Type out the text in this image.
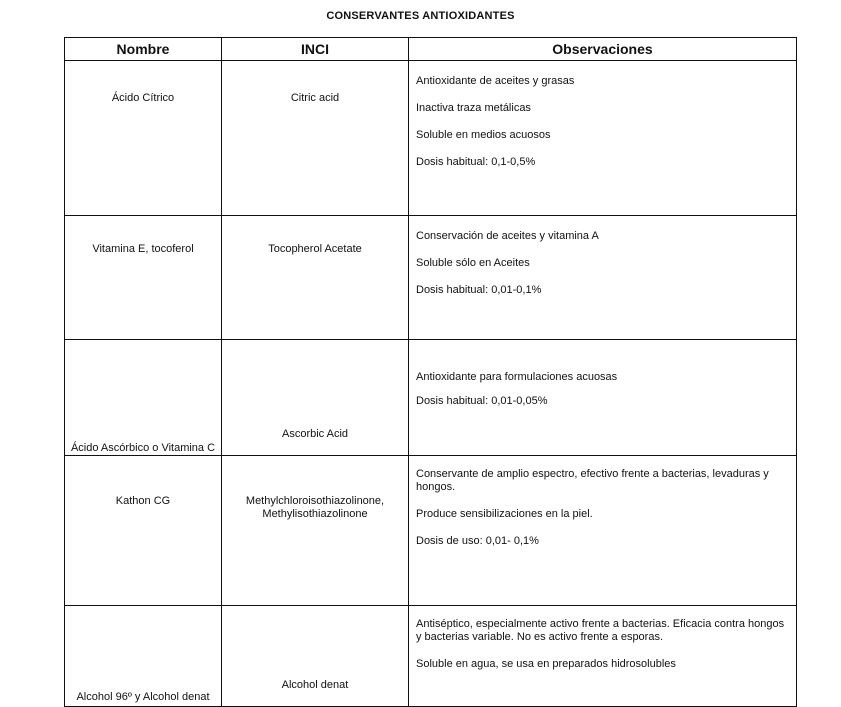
CONSERVANTES ANTIOXIDANTES
Nombre	INCI	Observaciones
Ácido Cítrico	Citric acid	Antioxidante de aceites y grasas

Inactiva traza metálicas

Soluble en medios acuosos

Dosis habitual: 0,1-0,5%

Vitamina E, tocoferol	Tocopherol Acetate	Conservación de aceites y vitamina A

Soluble sólo en Aceites

Dosis habitual: 0,01-0,1%

Ácido Ascórbico o Vitamina C	Ascorbic Acid	Antioxidante para formulaciones acuosas

Dosis habitual: 0,01-0,05%

Kathon CG	Methylchloroisothiazolinone, Methylisothiazolinone	Conservante de amplio espectro, efectivo frente a bacterias, levaduras y hongos.

Produce sensibilizaciones en la piel.

Dosis de uso: 0,01- 0,1%

Alcohol 96º y Alcohol denat	Alcohol denat	Antiséptico, especialmente activo frente a bacterias. Eficacia contra hongos y bacterias variable. No es activo frente a esporas.

Soluble en agua, se usa en preparados hidrosolubles
